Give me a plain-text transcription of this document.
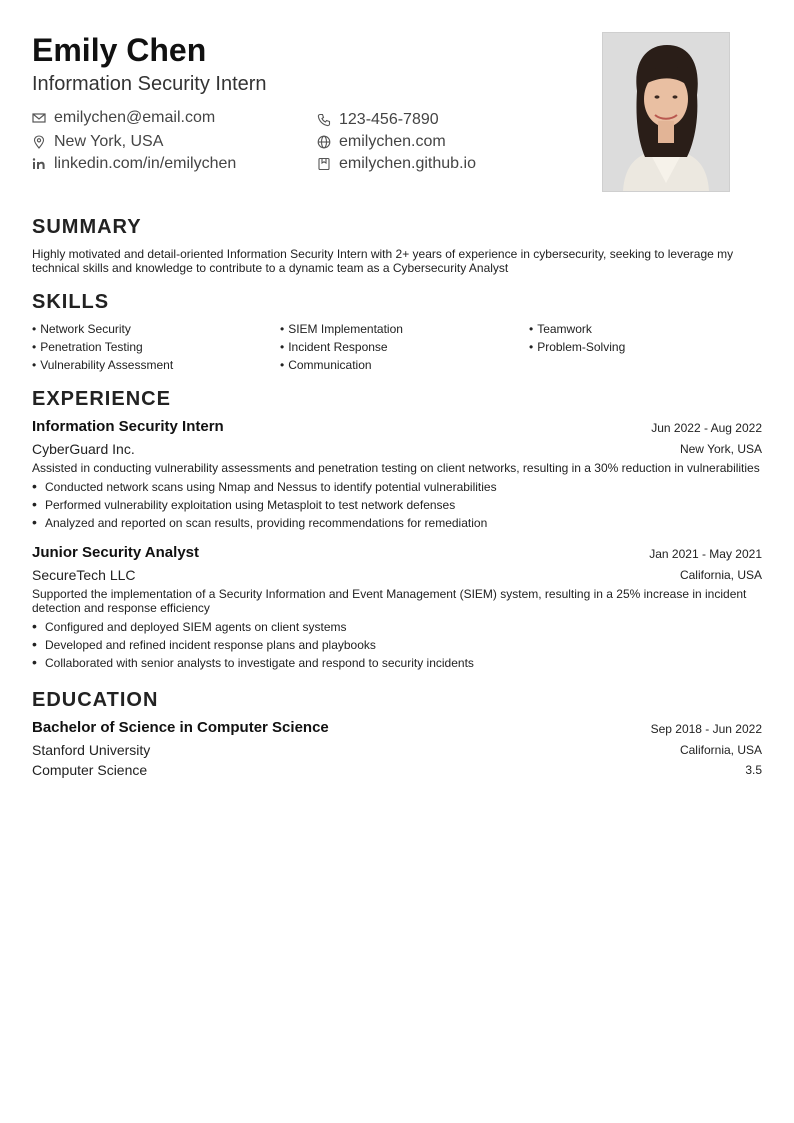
Emily Chen
Information Security Intern
emilychen@email.com	123-456-7890
New York, USA	emilychen.com
linkedin.com/in/emilychen	emilychen.github.io
SUMMARY
Highly motivated and detail-oriented Information Security Intern with 2+ years of experience in cybersecurity, seeking to leverage my technical skills and knowledge to contribute to a dynamic team as a Cybersecurity Analyst
SKILLS
• Network Security	• SIEM Implementation	• Teamwork
• Penetration Testing	• Incident Response	• Problem-Solving
• Vulnerability Assessment	• Communication
EXPERIENCE
Information Security Intern	Jun 2022 - Aug 2022
CyberGuard Inc.	New York, USA
Assisted in conducting vulnerability assessments and penetration testing on client networks, resulting in a 30% reduction in vulnerabilities
• Conducted network scans using Nmap and Nessus to identify potential vulnerabilities
• Performed vulnerability exploitation using Metasploit to test network defenses
• Analyzed and reported on scan results, providing recommendations for remediation
Junior Security Analyst	Jan 2021 - May 2021
SecureTech LLC	California, USA
Supported the implementation of a Security Information and Event Management (SIEM) system, resulting in a 25% increase in incident detection and response efficiency
• Configured and deployed SIEM agents on client systems
• Developed and refined incident response plans and playbooks
• Collaborated with senior analysts to investigate and respond to security incidents
EDUCATION
Bachelor of Science in Computer Science	Sep 2018 - Jun 2022
Stanford University	California, USA
Computer Science	3.5
